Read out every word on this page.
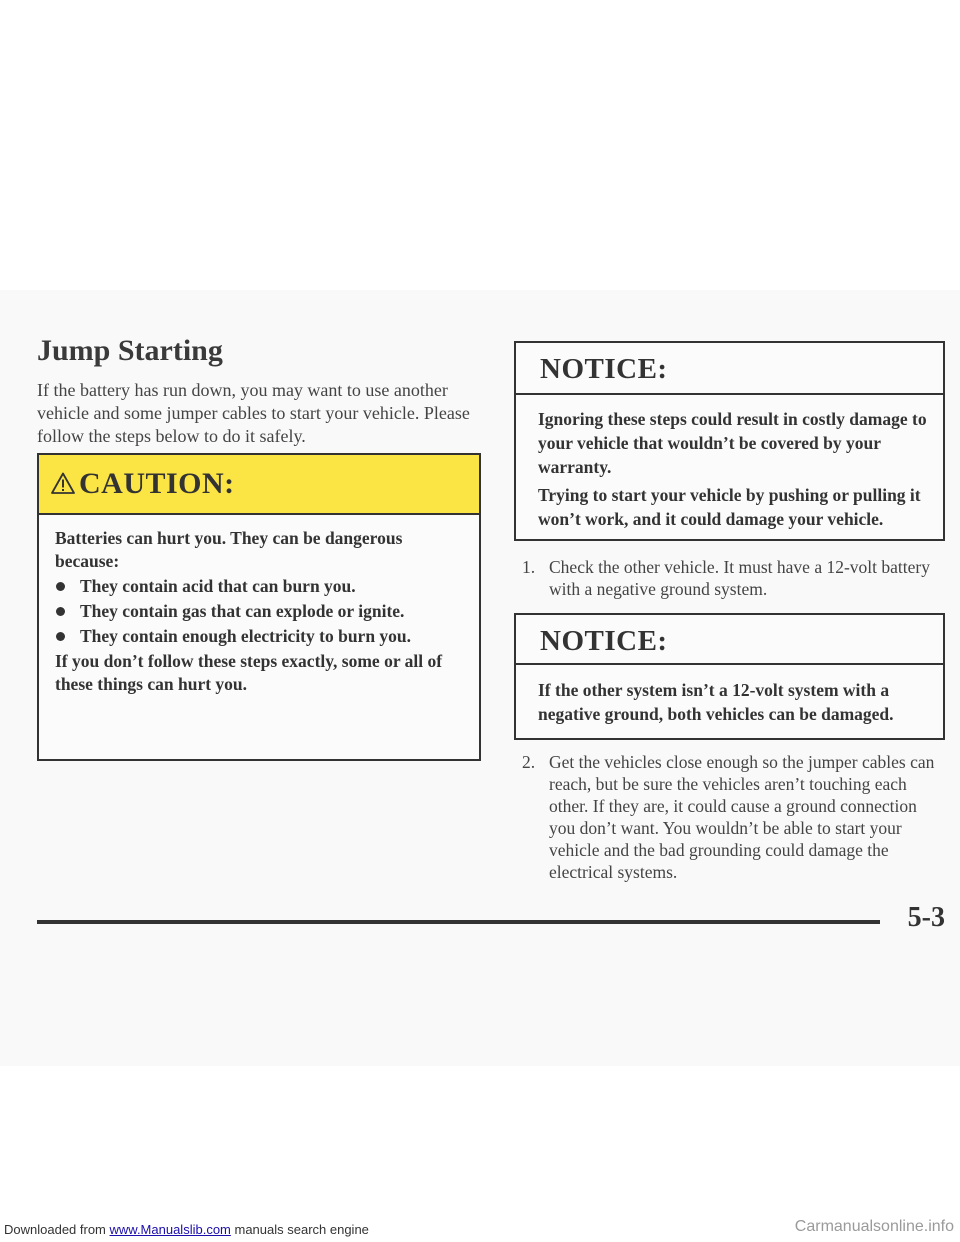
Jump Starting

If the battery has run down, you may want to use another vehicle and some jumper cables to start your vehicle. Please follow the steps below to do it safely.

CAUTION:

Batteries can hurt you. They can be dangerous because:

They contain acid that can burn you.
They contain gas that can explode or ignite.
They contain enough electricity to burn you.

If you don’t follow these steps exactly, some or all of these things can hurt you.

NOTICE:

Ignoring these steps could result in costly damage to your vehicle that wouldn’t be covered by your warranty.

Trying to start your vehicle by pushing or pulling it won’t work, and it could damage your vehicle.

1. Check the other vehicle. It must have a 12-volt battery with a negative ground system.
NOTICE:

If the other system isn’t a 12-volt system with a negative ground, both vehicles can be damaged.

2. Get the vehicles close enough so the jumper cables can reach, but be sure the vehicles aren’t touching each other. If they are, it could cause a ground connection you don’t want. You wouldn’t be able to start your vehicle and the bad grounding could damage the electrical systems.
5-3
Downloaded from www.Manualslib.com manuals search engine	Carmanualsonline.info
